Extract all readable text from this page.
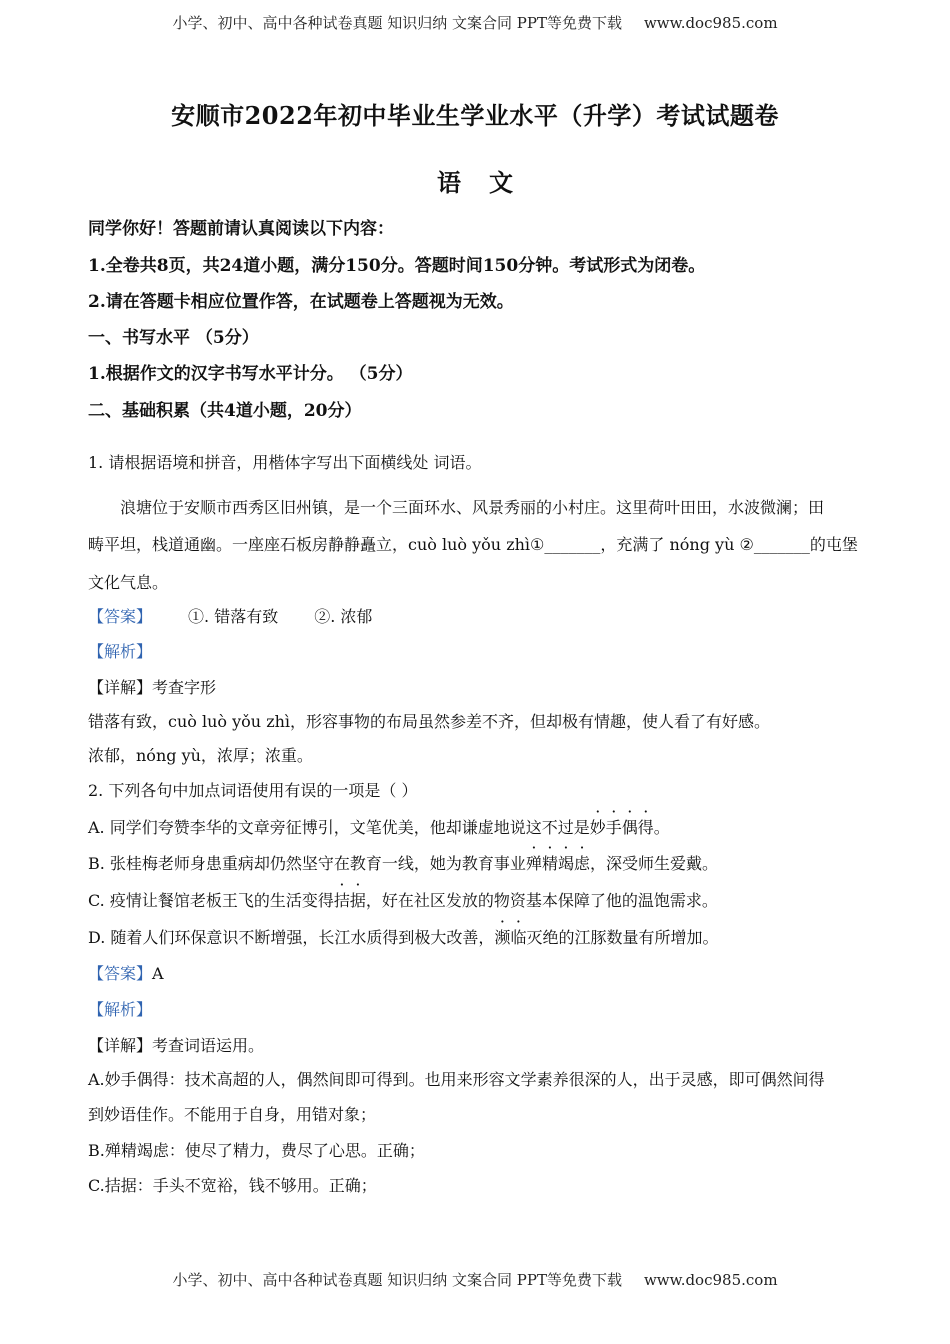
小学、初中、高中各种试卷真题 知识归纳 文案合同 PPT等免费下载 www.doc985.com
安顺市2022年初中毕业生学业水平（升学）考试试题卷
语文
同学你好！答题前请认真阅读以下内容：
1.全卷共8页，共24道小题，满分150分。答题时间150分钟。考试形式为闭卷。
2.请在答题卡相应位置作答，在试题卷上答题视为无效。
一、书写水平 （5分）
1.根据作文的汉字书写水平计分。 （5分）
二、基础积累（共4道小题，20分）
1. 请根据语境和拼音，用楷体字写出下面横线处 词语。
浪塘位于安顺市西秀区旧州镇，是一个三面环水、风景秀丽的小村庄。这里荷叶田田，水波微澜；田
畴平坦，栈道通幽。一座座石板房静静矗立，cuò luò yǒu zhì①_______，充满了 nóng yù ②_______的屯堡
文化气息。
【答案】 ①. 错落有致 ②. 浓郁
【解析】
【详解】考查字形
错落有致，cuò luò yǒu zhì，形容事物的布局虽然参差不齐，但却极有情趣，使人看了有好感。
浓郁，nóng yù，浓厚；浓重。
2. 下列各句中加点词语使用有误的一项是（ ）
A. 同学们夸赞李华的文章旁征博引，文笔优美，他却谦虚地说这不过是妙手偶得。
B. 张桂梅老师身患重病却仍然坚守在教育一线，她为教育事业殚精竭虑，深受师生爱戴。
C. 疫情让餐馆老板王飞的生活变得拮据，好在社区发放的物资基本保障了他的温饱需求。
D. 随着人们环保意识不断增强，长江水质得到极大改善，濒临灭绝的江豚数量有所增加。
【答案】A
【解析】
【详解】考查词语运用。
A.妙手偶得：技术高超的人，偶然间即可得到。也用来形容文学素养很深的人，出于灵感，即可偶然间得
到妙语佳作。不能用于自身，用错对象；
B.殚精竭虑：使尽了精力，费尽了心思。正确；
C.拮据：手头不宽裕，钱不够用。正确；
小学、初中、高中各种试卷真题 知识归纳 文案合同 PPT等免费下载 www.doc985.com
